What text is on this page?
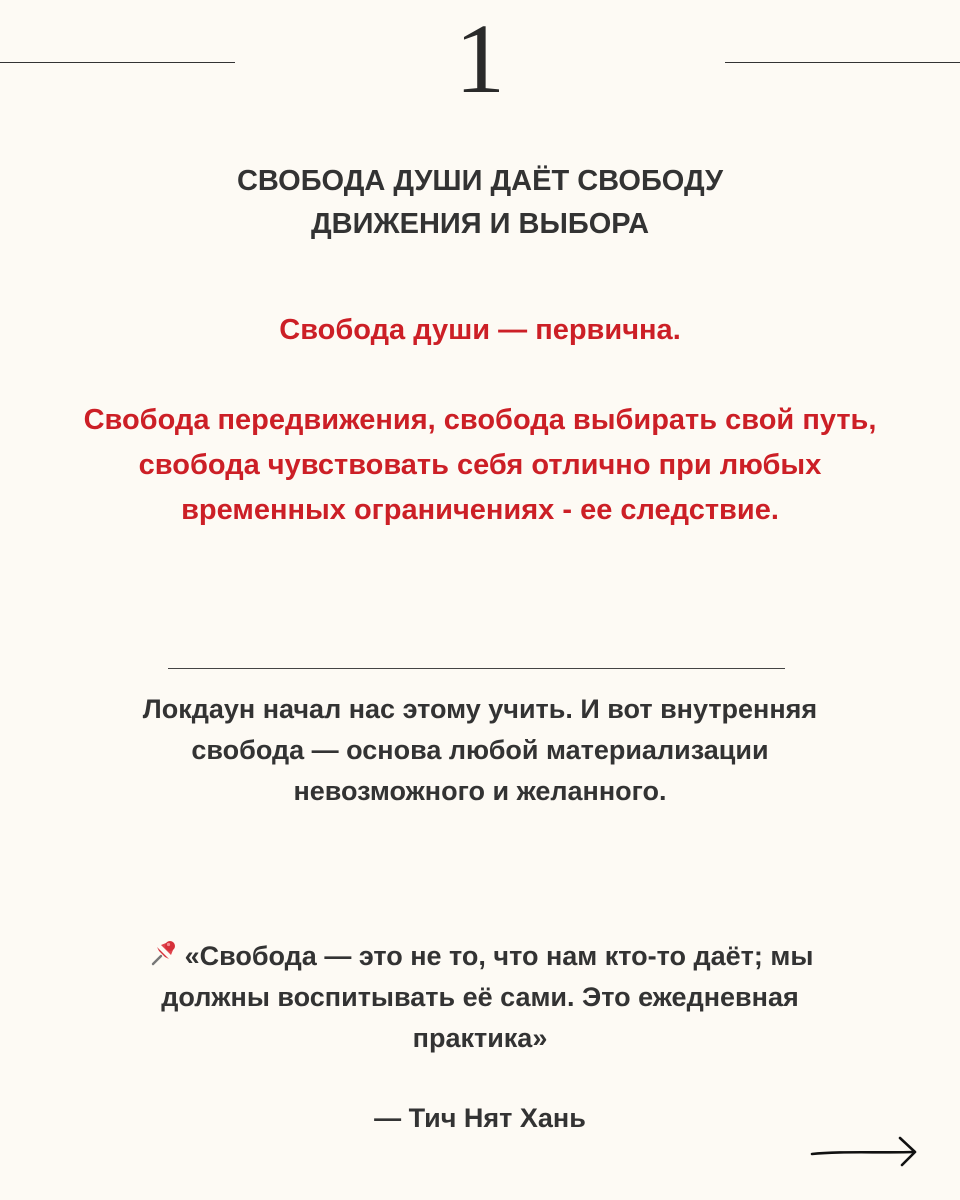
1
СВОБОДА ДУШИ ДАЁТ СВОБОДУ
ДВИЖЕНИЯ И ВЫБОРА
Свобода души — первична.
Свобода передвижения, свобода выбирать свой путь,
свобода чувствовать себя отлично при любых
временных ограничениях - ее следствие.
Локдаун начал нас этому учить. И вот внутренняя
свобода — основа любой материализации
невозможного и желанного.
«Свобода — это не то, что нам кто-то даёт; мы
должны воспитывать её сами. Это ежедневная
практика»
— Тич Нят Хань
